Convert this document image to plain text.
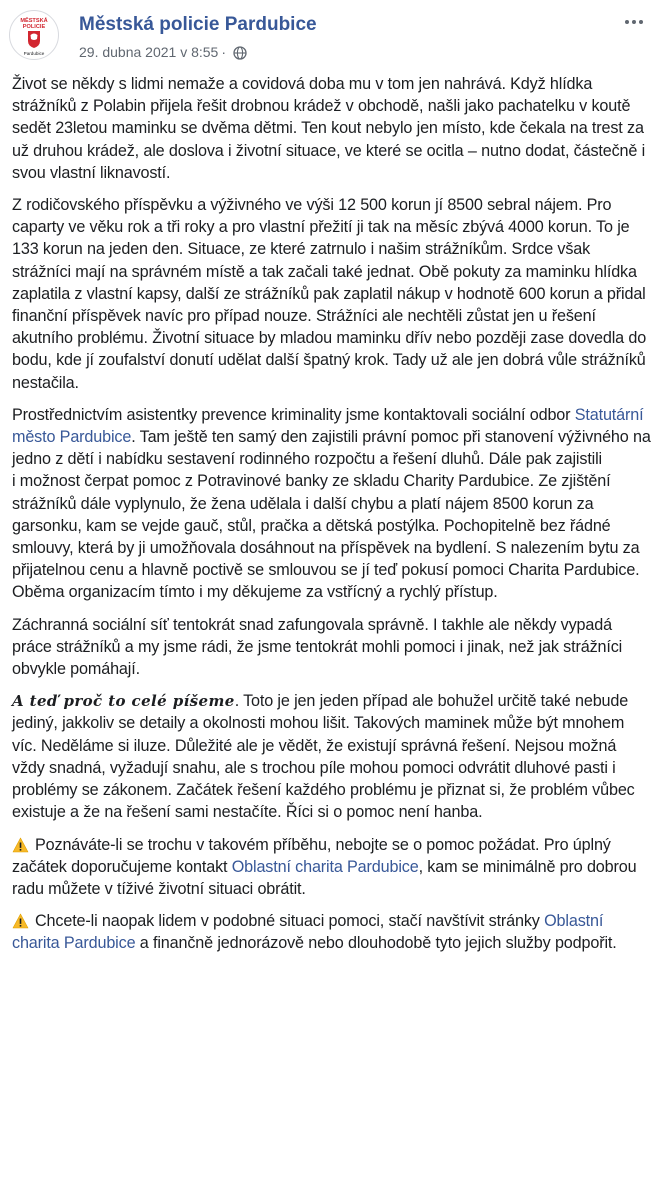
MĚSTSKÁ
POLICIE
Pardubice
Městská policie Pardubice
29. dubna 2021 v 8:55 ·

Život se někdy s lidmi nemaže a covidová doba mu v tom jen nahrává. Když hlídka strážníků z Polabin přijela řešit drobnou krádež v obchodě, našli jako pachatelku v koutě sedět 23letou maminku se dvěma dětmi. Ten kout nebylo jen místo, kde čekala na trest za už druhou krádež, ale doslova i životní situace, ve které se ocitla – nutno dodat, částečně i svou vlastní liknavostí.

Z rodičovského příspěvku a výživného ve výši 12 500 korun jí 8500 sebral nájem. Pro caparty ve věku rok a tři roky a pro vlastní přežití ji tak na měsíc zbývá 4000 korun. To je 133 korun na jeden den. Situace, ze které zatrnulo i našim strážníkům. Srdce však strážníci mají na správném místě a tak začali také jednat. Obě pokuty za maminku hlídka zaplatila z vlastní kapsy, další ze strážníků pak zaplatil nákup v hodnotě 600 korun a přidal finanční příspěvek navíc pro případ nouze. Strážníci ale nechtěli zůstat jen u řešení akutního problému. Životní situace by mladou maminku dřív nebo později zase dovedla do bodu, kde jí zoufalství donutí udělat další špatný krok. Tady už ale jen dobrá vůle strážníků nestačila.

Prostřednictvím asistentky prevence kriminality jsme kontaktovali sociální odbor Statutární město Pardubice. Tam ještě ten samý den zajistili právní pomoc při stanovení výživného na jedno z dětí i nabídku sestavení rodinného rozpočtu a řešení dluhů. Dále pak zajistili
i možnost čerpat pomoc z Potravinové banky ze skladu Charity Pardubice. Ze zjištění strážníků dále vyplynulo, že žena udělala i další chybu a platí nájem 8500 korun za garsonku, kam se vejde gauč, stůl, pračka a dětská postýlka. Pochopitelně bez řádné smlouvy, která by ji umožňovala dosáhnout na příspěvek na bydlení. S nalezením bytu za přijatelnou cenu a hlavně poctivě se smlouvou se jí teď pokusí pomoci Charita Pardubice. Oběma organizacím tímto i my děkujeme za vstřícný a rychlý přístup.

Záchranná sociální síť tentokrát snad zafungovala správně. I takhle ale někdy vypadá práce strážníků a my jsme rádi, že jsme tentokrát mohli pomoci i jinak, než jak strážníci obvykle pomáhají.

A teď proč to celé píšeme. Toto je jen jeden případ ale bohužel určitě také nebude jediný, jakkoliv se detaily a okolnosti mohou lišit. Takových maminek může být mnohem víc. Neděláme si iluze. Důležité ale je vědět, že existují správná řešení. Nejsou možná vždy snadná, vyžadují snahu, ale s trochou píle mohou pomoci odvrátit dluhové pasti i problémy se zákonem. Začátek řešení každého problému je přiznat si, že problém vůbec existuje a že na řešení sami nestačíte. Říci si o pomoc není hanba.

Poznáváte-li se trochu v takovém příběhu, nebojte se o pomoc požádat. Pro úplný začátek doporučujeme kontakt Oblastní charita Pardubice, kam se minimálně pro dobrou radu můžete v tíživé životní situaci obrátit.

Chcete-li naopak lidem v podobné situaci pomoci, stačí navštívit stránky Oblastní charita Pardubice a finančně jednorázově nebo dlouhodobě tyto jejich služby podpořit.
